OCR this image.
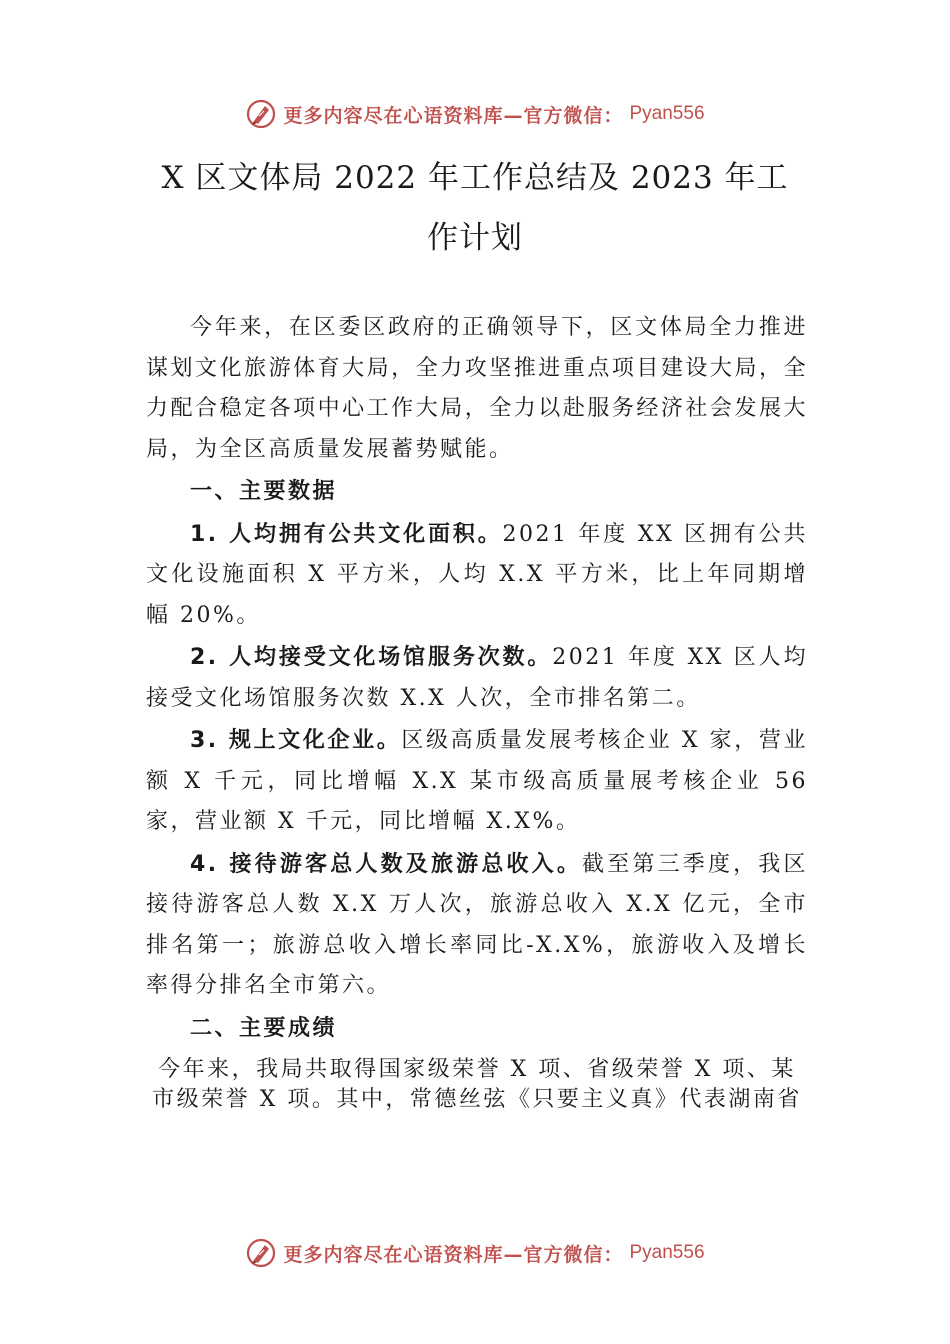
更多内容尽在心语资料库—官方微信： Pyan556
X 区文体局 2022 年工作总结及 2023 年工
作计划

今年来，在区委区政府的正确领导下，区文体局全力推进谋划文化旅游体育大局，全力攻坚推进重点项目建设大局，全力配合稳定各项中心工作大局，全力以赴服务经济社会发展大局，为全区高质量发展蓄势赋能。

一、主要数据

1. 人均拥有公共文化面积。2021 年度 XX 区拥有公共文化设施面积 X 平方米，人均 X.X 平方米，比上年同期增幅 20%。

2. 人均接受文化场馆服务次数。2021 年度 XX 区人均接受文化场馆服务次数 X.X 人次，全市排名第二。

3. 规上文化企业。区级高质量发展考核企业 X 家，营业额 X 千元，同比增幅 X.X 某市级高质量展考核企业 56 家，营业额 X 千元，同比增幅 X.X%。

4. 接待游客总人数及旅游总收入。截至第三季度，我区接待游客总人数 X.X 万人次，旅游总收入 X.X 亿元，全市排名第一；旅游总收入增长率同比-X.X%，旅游收入及增长率得分排名全市第六。

二、主要成绩

今年来，我局共取得国家级荣誉 X 项、省级荣誉 X 项、某市级荣誉 X 项。其中，常德丝弦《只要主义真》代表湖南省

更多内容尽在心语资料库—官方微信： Pyan556
